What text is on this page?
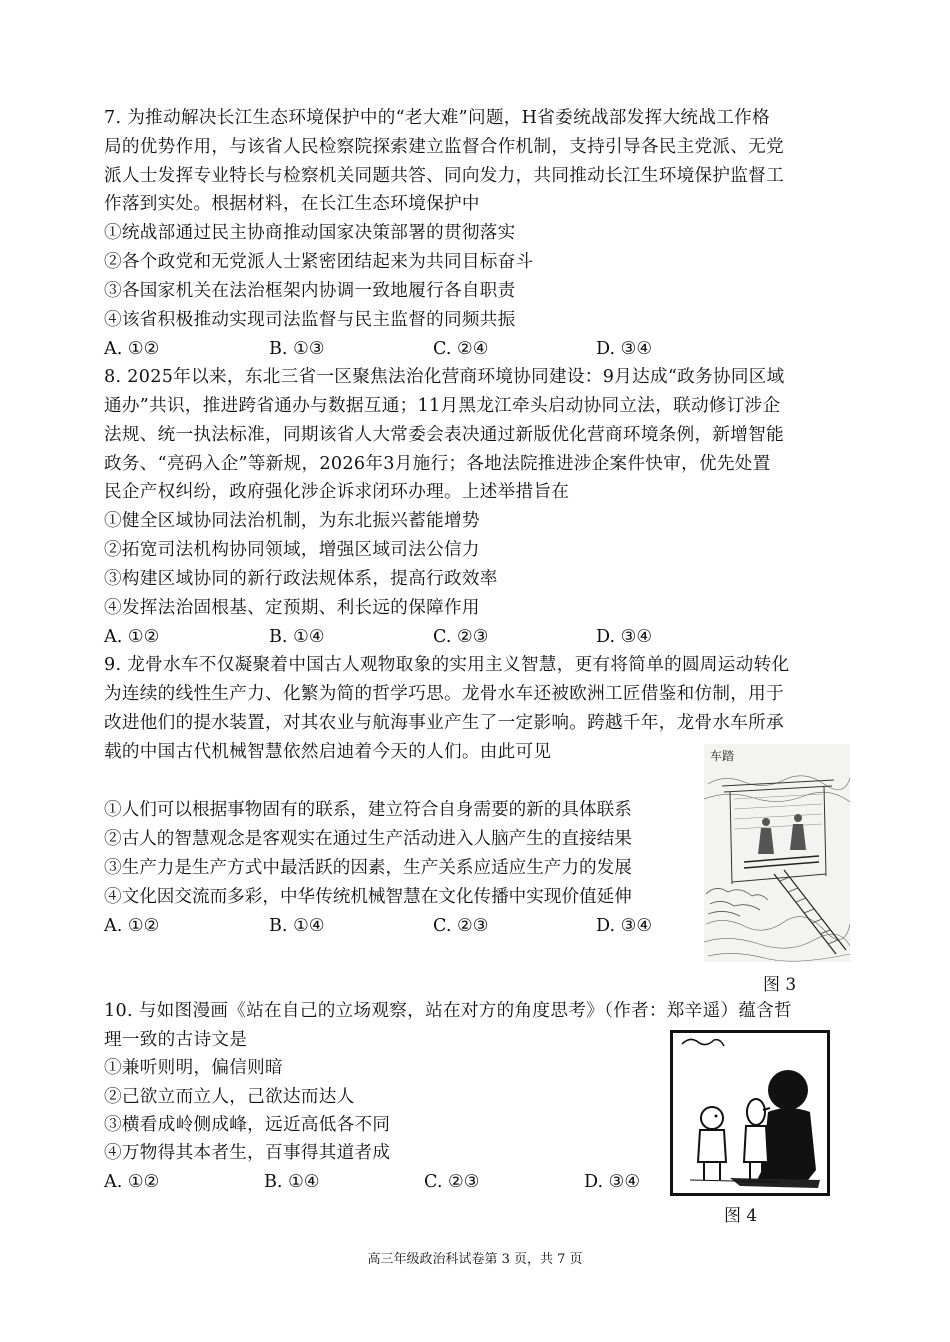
7. 为推动解决长江生态环境保护中的“老大难”问题，H省委统战部发挥大统战工作格
局的优势作用，与该省人民检察院探索建立监督合作机制，支持引导各民主党派、无党
派人士发挥专业特长与检察机关同题共答、同向发力，共同推动长江生环境保护监督工
作落到实处。根据材料，在长江生态环境保护中
①统战部通过民主协商推动国家决策部署的贯彻落实
②各个政党和无党派人士紧密团结起来为共同目标奋斗
③各国家机关在法治框架内协调一致地履行各自职责
④该省积极推动实现司法监督与民主监督的同频共振
A. ①②	B. ①③	C. ②④	D. ③④
8. 2025年以来，东北三省一区聚焦法治化营商环境协同建设：9月达成“政务协同区域
通办”共识，推进跨省通办与数据互通；11月黑龙江牵头启动协同立法，联动修订涉企
法规、统一执法标准，同期该省人大常委会表决通过新版优化营商环境条例，新增智能
政务、“亮码入企”等新规，2026年3月施行；各地法院推进涉企案件快审，优先处置
民企产权纠纷，政府强化涉企诉求闭环办理。上述举措旨在
①健全区域协同法治机制，为东北振兴蓄能增势
②拓宽司法机构协同领域，增强区域司法公信力
③构建区域协同的新行政法规体系，提高行政效率
④发挥法治固根基、定预期、利长远的保障作用
A. ①②	B. ①④	C. ②③	D. ③④
9. 龙骨水车不仅凝聚着中国古人观物取象的实用主义智慧，更有将简单的圆周运动转化
为连续的线性生产力、化繁为简的哲学巧思。龙骨水车还被欧洲工匠借鉴和仿制，用于
改进他们的提水装置，对其农业与航海事业产生了一定影响。跨越千年，龙骨水车所承
载的中国古代机械智慧依然启迪着今天的人们。由此可见
①人们可以根据事物固有的联系，建立符合自身需要的新的具体联系
②古人的智慧观念是客观实在通过生产活动进入人脑产生的直接结果
③生产力是生产方式中最活跃的因素，生产关系应适应生产力的发展
④文化因交流而多彩，中华传统机械智慧在文化传播中实现价值延伸
A. ①②	B. ①④	C. ②③	D. ③④
车踏
图 3
10. 与如图漫画《站在自己的立场观察，站在对方的角度思考》（作者：郑辛遥）蕴含哲
理一致的古诗文是
①兼听则明，偏信则暗
②己欲立而立人，己欲达而达人
③横看成岭侧成峰，远近高低各不同
④万物得其本者生，百事得其道者成
A. ①②	B. ①④	C. ②③	D. ③④
图 4
高三年级政治科试卷第 3 页，共 7 页
